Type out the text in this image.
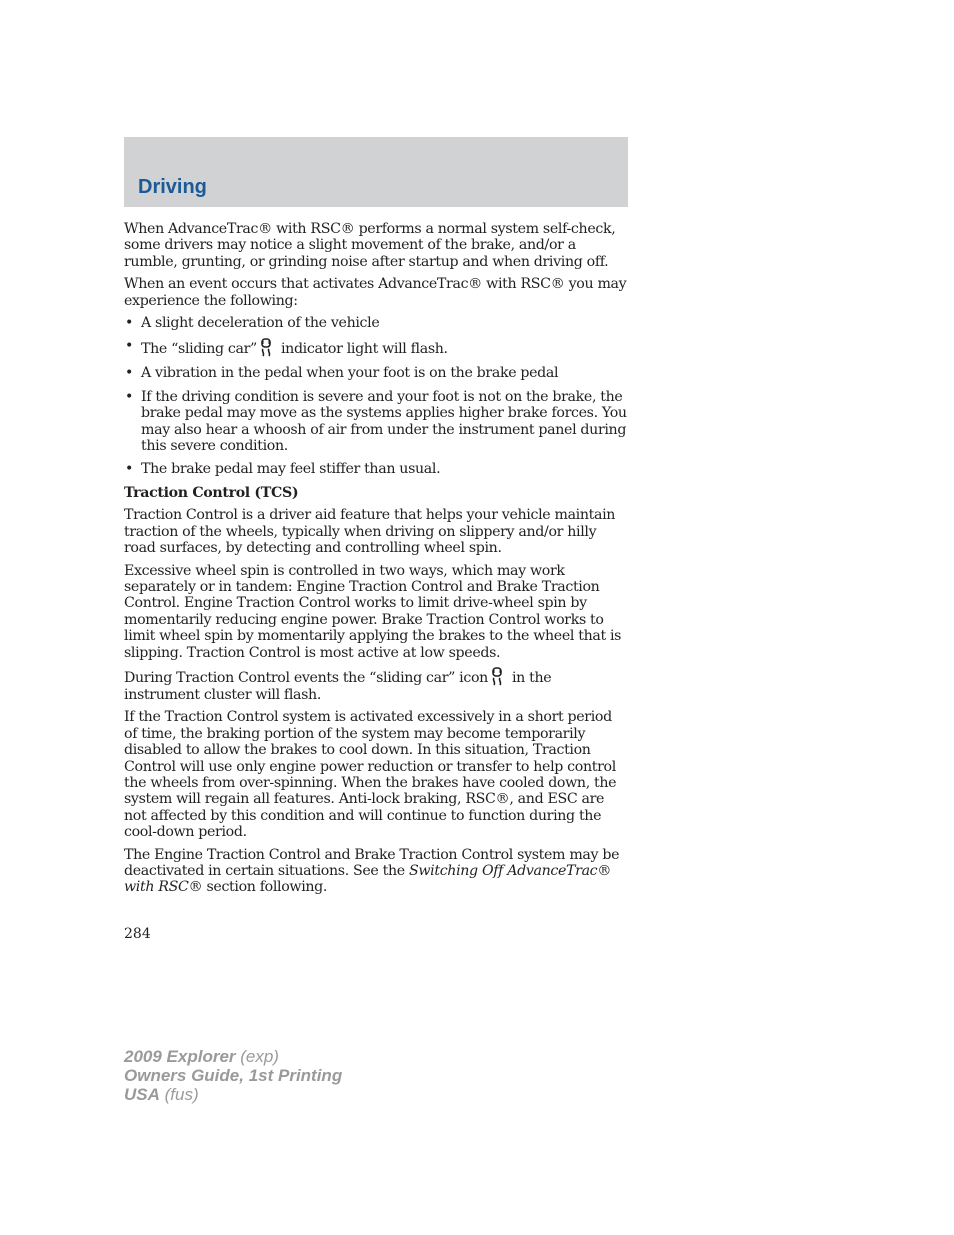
Driving

When AdvanceTrac® with RSC® performs a normal system self-check, some drivers may notice a slight movement of the brake, and/or a rumble, grunting, or grinding noise after startup and when driving off.

When an event occurs that activates AdvanceTrac® with RSC® you may experience the following:

• A slight deceleration of the vehicle
• The “sliding car” indicator light will flash.
• A vibration in the pedal when your foot is on the brake pedal
• If the driving condition is severe and your foot is not on the brake, the brake pedal may move as the systems applies higher brake forces. You may also hear a whoosh of air from under the instrument panel during this severe condition.
• The brake pedal may feel stiffer than usual.
Traction Control (TCS)

Traction Control is a driver aid feature that helps your vehicle maintain traction of the wheels, typically when driving on slippery and/or hilly road surfaces, by detecting and controlling wheel spin.

Excessive wheel spin is controlled in two ways, which may work separately or in tandem: Engine Traction Control and Brake Traction Control. Engine Traction Control works to limit drive-wheel spin by momentarily reducing engine power. Brake Traction Control works to limit wheel spin by momentarily applying the brakes to the wheel that is slipping. Traction Control is most active at low speeds.

During Traction Control events the “sliding car” icon in the instrument cluster will flash.

If the Traction Control system is activated excessively in a short period of time, the braking portion of the system may become temporarily disabled to allow the brakes to cool down. In this situation, Traction Control will use only engine power reduction or transfer to help control the wheels from over-spinning. When the brakes have cooled down, the system will regain all features. Anti-lock braking, RSC®, and ESC are not affected by this condition and will continue to function during the cool-down period.

The Engine Traction Control and Brake Traction Control system may be deactivated in certain situations. See the Switching Off AdvanceTrac® with RSC® section following.

284
2009 Explorer (exp)
Owners Guide, 1st Printing
USA (fus)
